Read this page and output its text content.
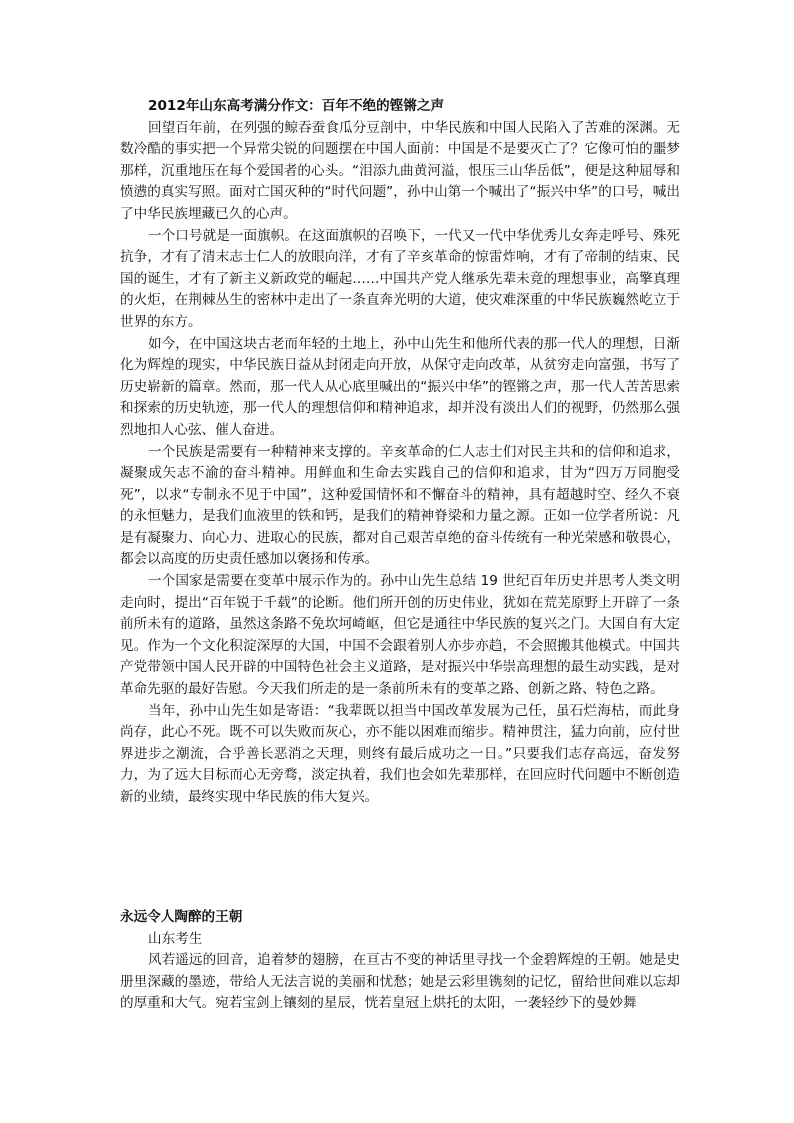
2012年山东高考满分作文：百年不绝的铿锵之声

回望百年前，在列强的鲸吞蚕食瓜分豆剖中，中华民族和中国人民陷入了苦难的深渊。无数冷酷的事实把一个异常尖锐的问题摆在中国人面前：中国是不是要灭亡了？它像可怕的噩梦那样，沉重地压在每个爱国者的心头。“泪添九曲黄河溢，恨压三山华岳低”，便是这种屈辱和愤懑的真实写照。面对亡国灭种的“时代问题”，孙中山第一个喊出了“振兴中华”的口号，喊出了中华民族埋藏已久的心声。

一个口号就是一面旗帜。在这面旗帜的召唤下，一代又一代中华优秀儿女奔走呼号、殊死抗争，才有了清末志士仁人的放眼向洋，才有了辛亥革命的惊雷炸响，才有了帝制的结束、民国的诞生，才有了新主义新政党的崛起……中国共产党人继承先辈未竟的理想事业，高擎真理的火炬，在荆棘丛生的密林中走出了一条直奔光明的大道，使灾难深重的中华民族巍然屹立于世界的东方。

如今，在中国这块古老而年轻的土地上，孙中山先生和他所代表的那一代人的理想，日渐化为辉煌的现实，中华民族日益从封闭走向开放，从保守走向改革，从贫穷走向富强，书写了历史崭新的篇章。然而，那一代人从心底里喊出的“振兴中华”的铿锵之声，那一代人苦苦思索和探索的历史轨迹，那一代人的理想信仰和精神追求，却并没有淡出人们的视野，仍然那么强烈地扣人心弦、催人奋进。

一个民族是需要有一种精神来支撑的。辛亥革命的仁人志士们对民主共和的信仰和追求，凝聚成矢志不渝的奋斗精神。用鲜血和生命去实践自己的信仰和追求，甘为“四万万同胞受死”，以求“专制永不见于中国”，这种爱国情怀和不懈奋斗的精神，具有超越时空、经久不衰的永恒魅力，是我们血液里的铁和钙，是我们的精神脊梁和力量之源。正如一位学者所说：凡是有凝聚力、向心力、进取心的民族，都对自己艰苦卓绝的奋斗传统有一种光荣感和敬畏心，都会以高度的历史责任感加以褒扬和传承。

一个国家是需要在变革中展示作为的。孙中山先生总结 19 世纪百年历史并思考人类文明走向时，提出“百年锐于千载”的论断。他们所开创的历史伟业，犹如在荒芜原野上开辟了一条前所未有的道路，虽然这条路不免坎坷崎岖，但它是通往中华民族的复兴之门。大国自有大定见。作为一个文化积淀深厚的大国，中国不会跟着别人亦步亦趋，不会照搬其他模式。中国共产党带领中国人民开辟的中国特色社会主义道路，是对振兴中华崇高理想的最生动实践，是对革命先驱的最好告慰。今天我们所走的是一条前所未有的变革之路、创新之路、特色之路。

当年，孙中山先生如是寄语：“我辈既以担当中国改革发展为己任，虽石烂海枯，而此身尚存，此心不死。既不可以失败而灰心，亦不能以困难而缩步。精神贯注，猛力向前，应付世界进步之潮流，合乎善长恶消之天理，则终有最后成功之一日。”只要我们志存高远，奋发努力，为了远大目标而心无旁骛，淡定执着，我们也会如先辈那样，在回应时代问题中不断创造新的业绩，最终实现中华民族的伟大复兴。

永远令人陶醉的王朝

山东考生

风若遥远的回音，追着梦的翅膀，在亘古不变的神话里寻找一个金碧辉煌的王朝。她是史册里深藏的墨迹，带给人无法言说的美丽和忧愁；她是云彩里镌刻的记忆，留给世间难以忘却的厚重和大气。宛若宝剑上镶刻的星辰，恍若皇冠上烘托的太阳，一袭轻纱下的曼妙舞
